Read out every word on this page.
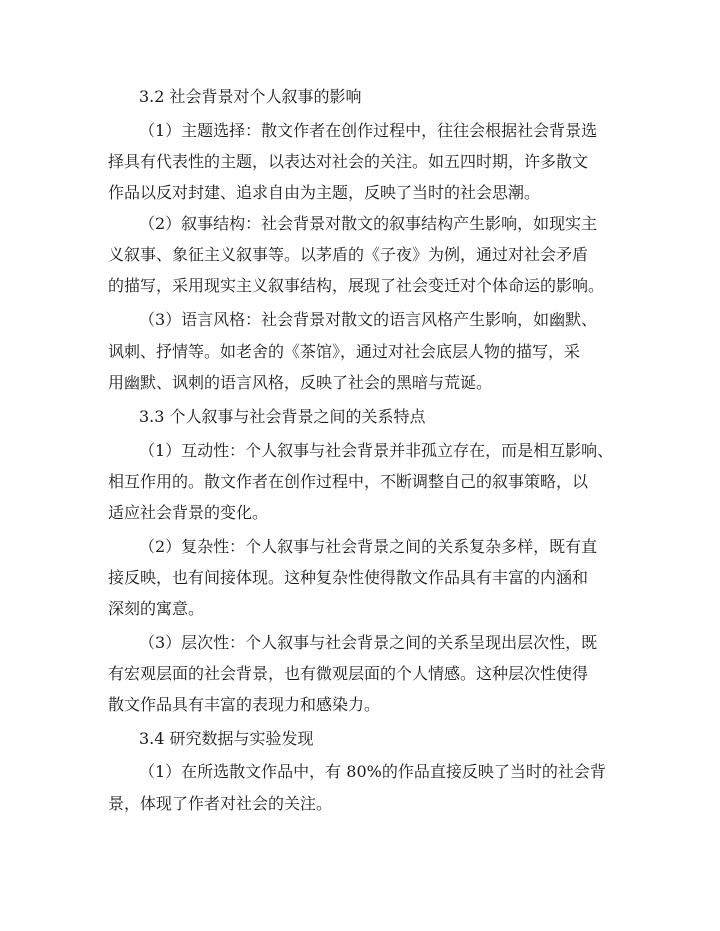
3.2 社会背景对个人叙事的影响
（1）主题选择：散文作者在创作过程中，往往会根据社会背景选
择具有代表性的主题，以表达对社会的关注。如五四时期，许多散文
作品以反对封建、追求自由为主题，反映了当时的社会思潮。
（2）叙事结构：社会背景对散文的叙事结构产生影响，如现实主
义叙事、象征主义叙事等。以茅盾的《子夜》为例，通过对社会矛盾
的描写，采用现实主义叙事结构，展现了社会变迁对个体命运的影响。
（3）语言风格：社会背景对散文的语言风格产生影响，如幽默、
讽刺、抒情等。如老舍的《茶馆》，通过对社会底层人物的描写，采
用幽默、讽刺的语言风格，反映了社会的黑暗与荒诞。
3.3 个人叙事与社会背景之间的关系特点
（1）互动性：个人叙事与社会背景并非孤立存在，而是相互影响、
相互作用的。散文作者在创作过程中，不断调整自己的叙事策略，以
适应社会背景的变化。
（2）复杂性：个人叙事与社会背景之间的关系复杂多样，既有直
接反映，也有间接体现。这种复杂性使得散文作品具有丰富的内涵和
深刻的寓意。
（3）层次性：个人叙事与社会背景之间的关系呈现出层次性，既
有宏观层面的社会背景，也有微观层面的个人情感。这种层次性使得
散文作品具有丰富的表现力和感染力。
3.4 研究数据与实验发现
（1）在所选散文作品中，有 80%的作品直接反映了当时的社会背
景，体现了作者对社会的关注。
